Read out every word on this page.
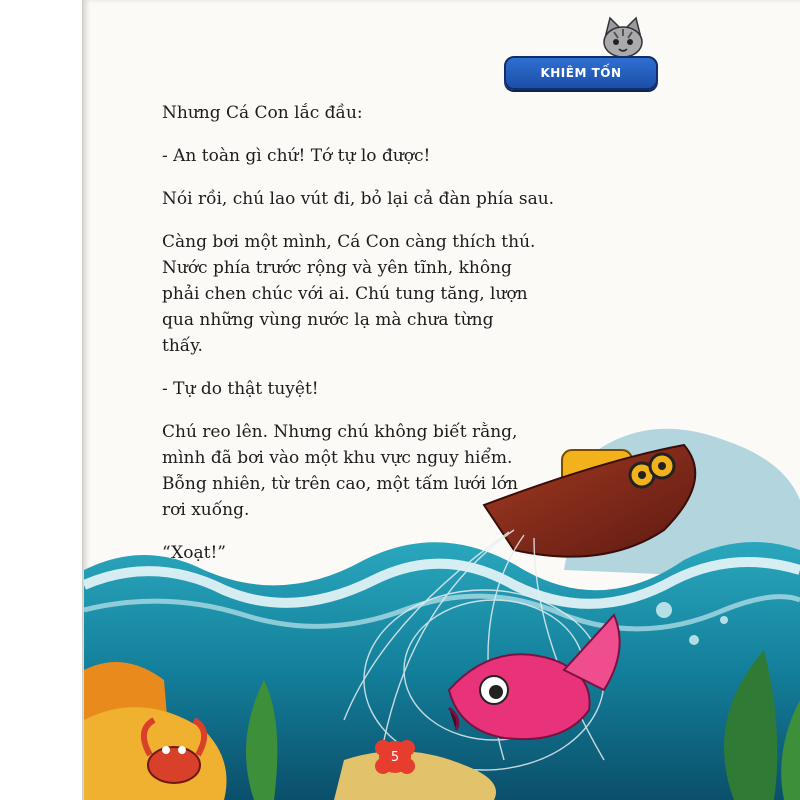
KHIÊM TỐN

Nhưng Cá Con lắc đầu:

- An toàn gì chứ! Tớ tự lo được!

Nói rồi, chú lao vút đi, bỏ lại cả đàn phía sau.

Càng bơi một mình, Cá Con càng thích thú. Nước phía trước rộng và yên tĩnh, không phải chen chúc với ai. Chú tung tăng, lượn qua những vùng nước lạ mà chưa từng thấy.

- Tự do thật tuyệt!

Chú reo lên. Nhưng chú không biết rằng, mình đã bơi vào một khu vực nguy hiểm. Bỗng nhiên, từ trên cao, một tấm lưới lớn rơi xuống.

“Xoạt!”

5
